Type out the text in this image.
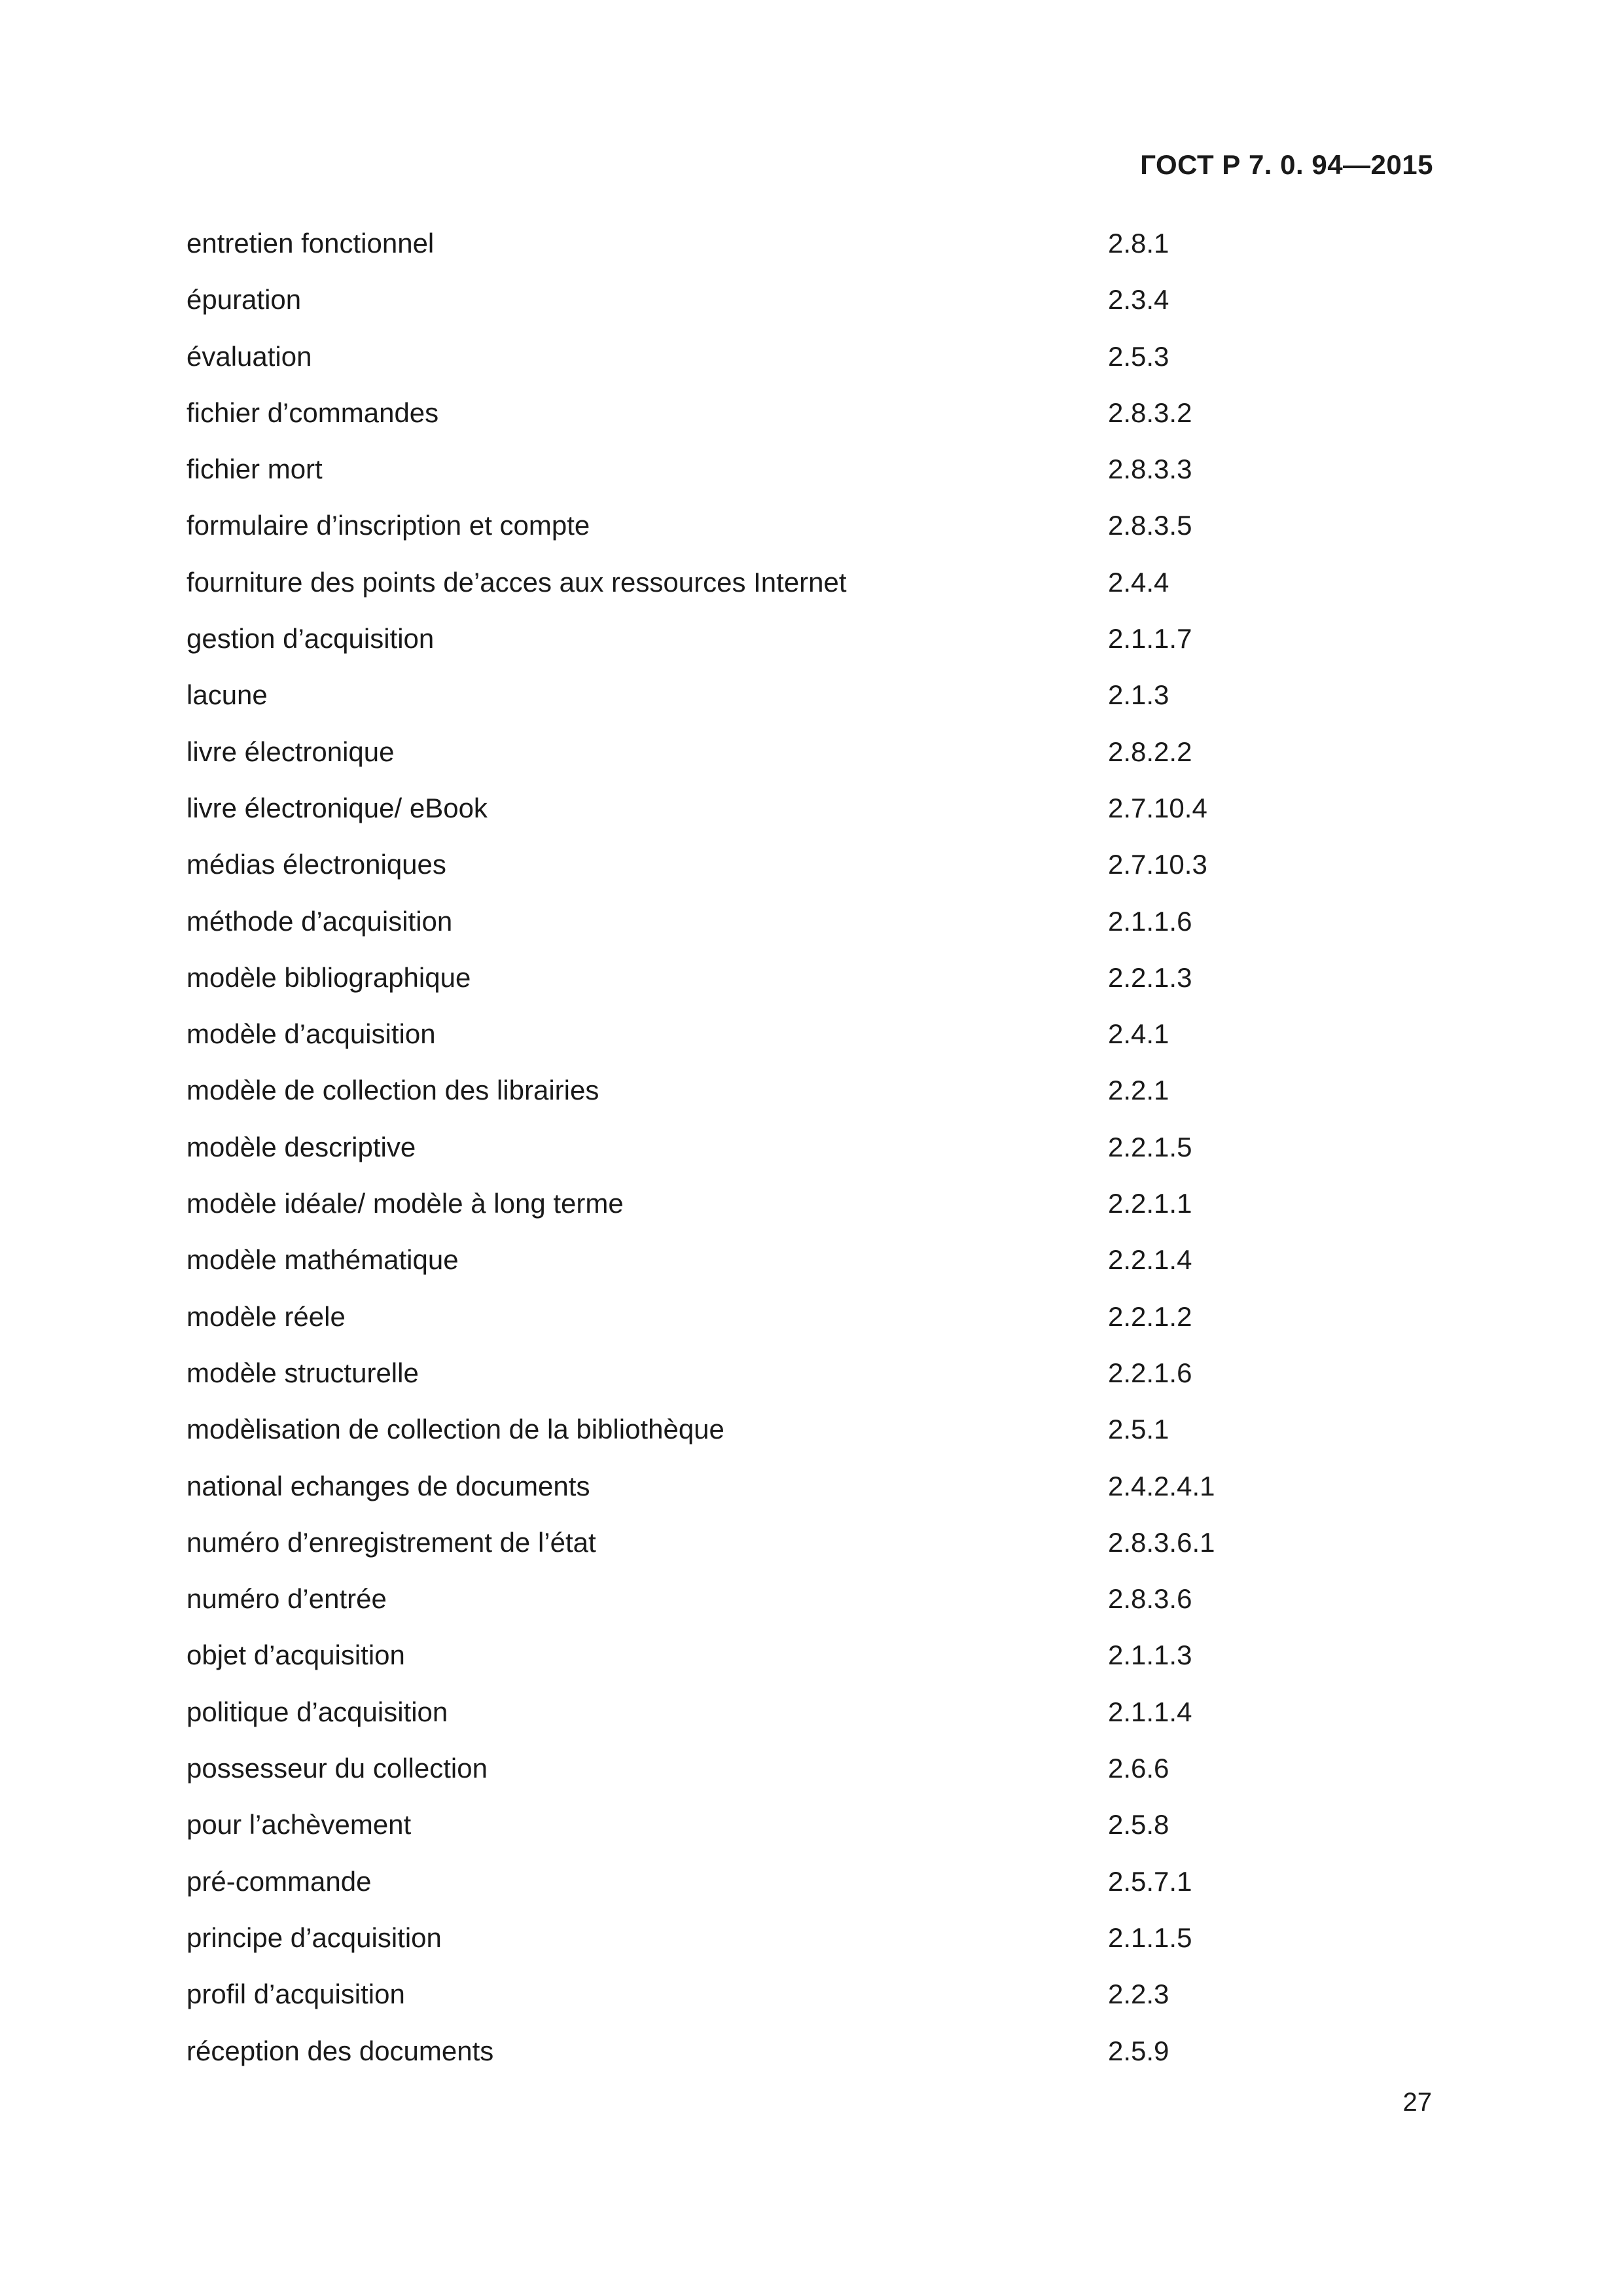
ГОСТ Р 7. 0. 94—2015
entretien fonctionnel	2.8.1
épuration	2.3.4
évaluation	2.5.3
fichier d’commandes	2.8.3.2
fichier mort	2.8.3.3
formulaire d’inscription et compte	2.8.3.5
fourniture des points de’acces aux ressources Internet	2.4.4
gestion d’acquisition	2.1.1.7
lacune	2.1.3
livre électronique	2.8.2.2
livre électronique/ eBook	2.7.10.4
médias électroniques	2.7.10.3
méthode d’acquisition	2.1.1.6
modèle bibliographique	2.2.1.3
modèle d’acquisition	2.4.1
modèle de collection des librairies	2.2.1
modèle descriptive	2.2.1.5
modèle idéale/ modèle à long terme	2.2.1.1
modèle mathématique	2.2.1.4
modèle réele	2.2.1.2
modèle structurelle	2.2.1.6
modèlisation de collection de la bibliothèque	2.5.1
national echanges de documents	2.4.2.4.1
numéro d’enregistrement de l’état	2.8.3.6.1
numéro d’entrée	2.8.3.6
objet d’acquisition	2.1.1.3
politique d’acquisition	2.1.1.4
possesseur du collection	2.6.6
pour l’achèvement	2.5.8
pré-commande	2.5.7.1
principe d’acquisition	2.1.1.5
profil d’acquisition	2.2.3
réception des documents	2.5.9
27
